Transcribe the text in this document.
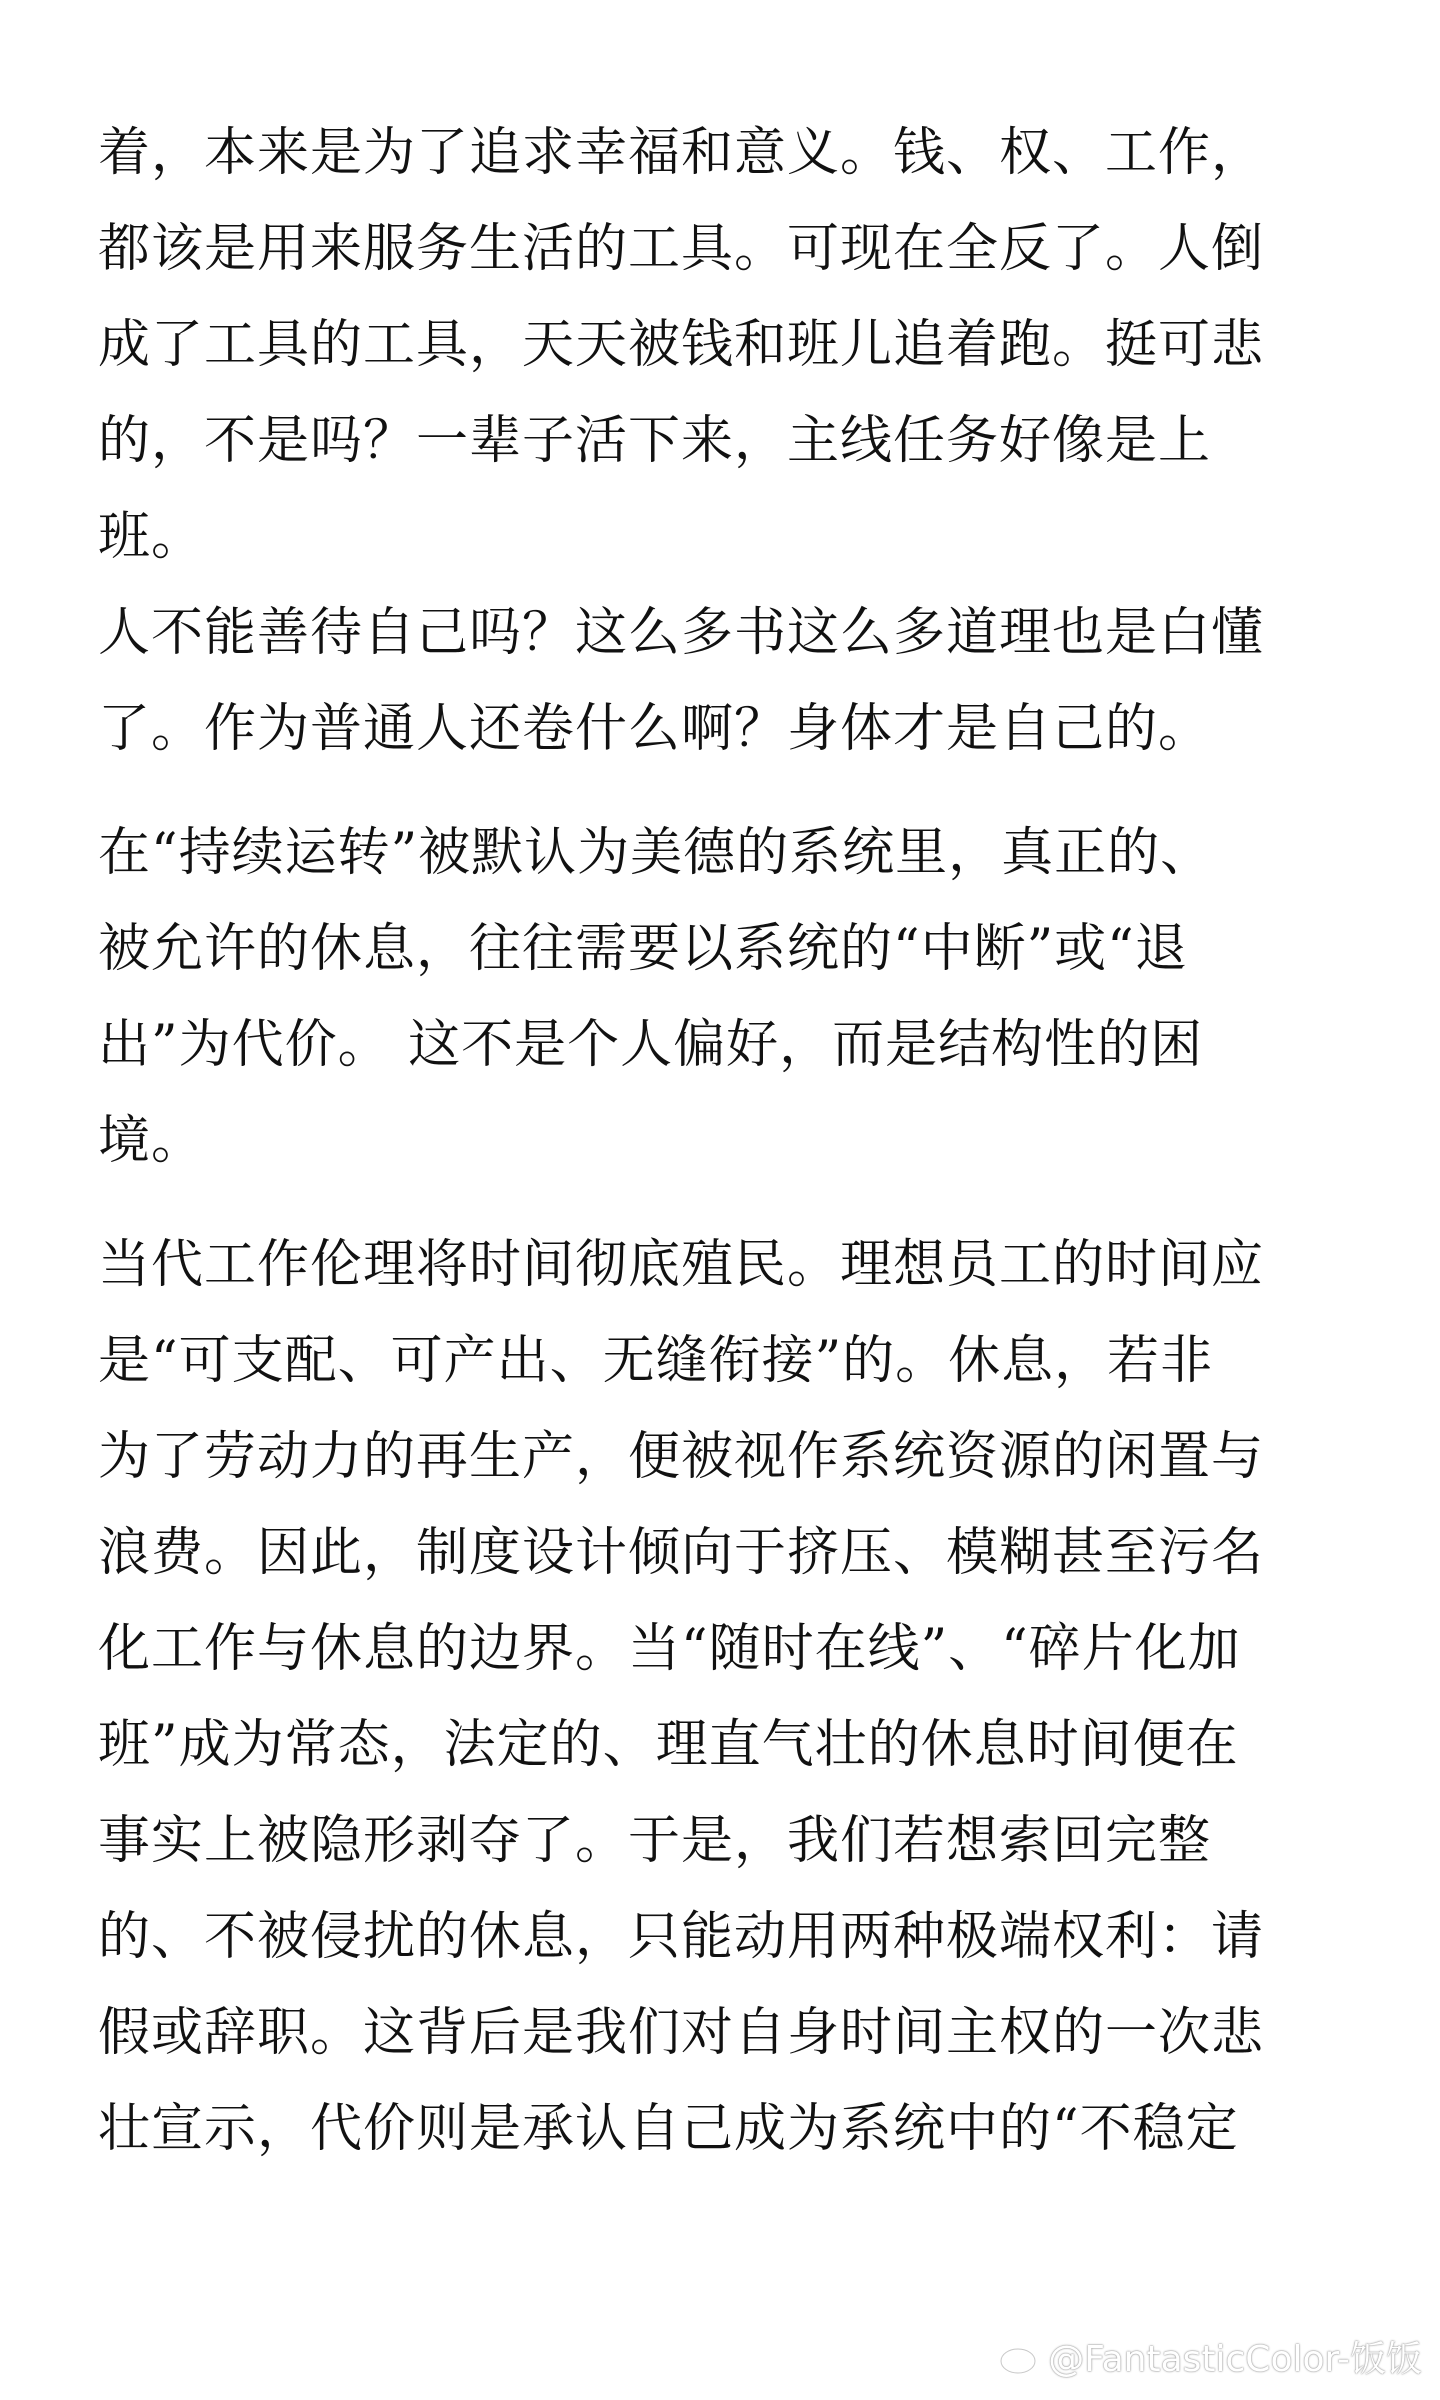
着，本来是为了追求幸福和意义。钱、权、工作，
都该是用来服务生活的工具。可现在全反了。人倒
成了工具的工具，天天被钱和班儿追着跑。挺可悲
的，不是吗？一辈子活下来，主线任务好像是上
班。
人不能善待自己吗？这么多书这么多道理也是白懂
了。作为普通人还卷什么啊？身体才是自己的。
在“持续运转”被默认为美德的系统里，真正的、
被允许的休息，往往需要以系统的“中断”或“退
出”为代价。 这不是个人偏好，而是结构性的困
境。
当代工作伦理将时间彻底殖民。理想员工的时间应
是“可支配、可产出、无缝衔接”的。休息，若非
为了劳动力的再生产，便被视作系统资源的闲置与
浪费。因此，制度设计倾向于挤压、模糊甚至污名
化工作与休息的边界。当“随时在线”、“碎片化加
班”成为常态，法定的、理直气壮的休息时间便在
事实上被隐形剥夺了。于是，我们若想索回完整
的、不被侵扰的休息，只能动用两种极端权利：请
假或辞职。这背后是我们对自身时间主权的一次悲
壮宣示，代价则是承认自己成为系统中的“不稳定
@FantasticColor-饭饭
